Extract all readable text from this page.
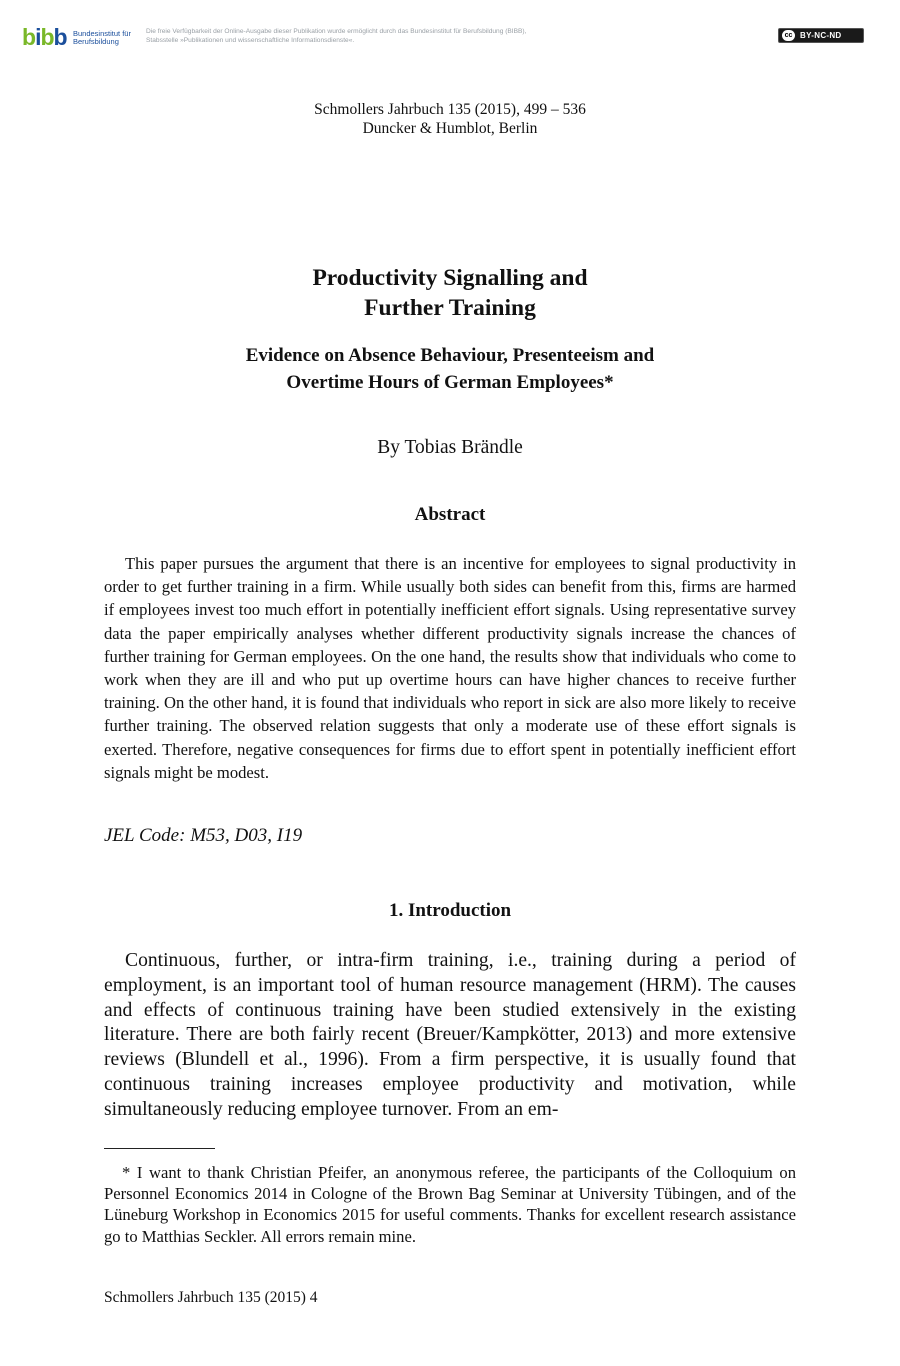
bibb Bundesinstitut für
Berufsbildung
Die freie Verfügbarkeit der Online-Ausgabe dieser Publikation wurde ermöglicht durch das Bundesinstitut für Berufsbildung (BIBB),
Stabsstelle »Publikationen und wissenschaftliche Informationsdienste«.
cc BY-NC-ND
Schmollers Jahrbuch 135 (2015), 499 – 536
Duncker & Humblot, Berlin
Productivity Signalling and
Further Training
Evidence on Absence Behaviour, Presenteeism and
Overtime Hours of German Employees*
By Tobias Brändle
Abstract

This paper pursues the argument that there is an incentive for employees to signal productivity in order to get further training in a firm. While usually both sides can benefit from this, firms are harmed if employees invest too much effort in potentially inefficient effort signals. Using representative survey data the paper empirically analyses whether different productivity signals increase the chances of further training for German employees. On the one hand, the results show that individuals who come to work when they are ill and who put up overtime hours can have higher chances to receive further training. On the other hand, it is found that individuals who report in sick are also more likely to receive further training. The observed relation suggests that only a moderate use of these effort signals is exerted. Therefore, negative consequences for firms due to effort spent in potentially inefficient effort signals might be modest.

JEL Code: M53, D03, I19
1. Introduction

Continuous, further, or intra-firm training, i.e., training during a period of employment, is an important tool of human resource management (HRM). The causes and effects of continuous training have been studied extensively in the existing literature. There are both fairly recent (Breuer/Kampkötter, 2013) and more extensive reviews (Blundell et al., 1996). From a firm perspective, it is usually found that continuous training increases employee productivity and motivation, while simultaneously reducing employee turnover. From an em-

* I want to thank Christian Pfeifer, an anonymous referee, the participants of the Colloquium on Personnel Economics 2014 in Cologne of the Brown Bag Seminar at University Tübingen, and of the Lüneburg Workshop in Economics 2015 for useful comments. Thanks for excellent research assistance go to Matthias Seckler. All errors remain mine.

Schmollers Jahrbuch 135 (2015) 4
